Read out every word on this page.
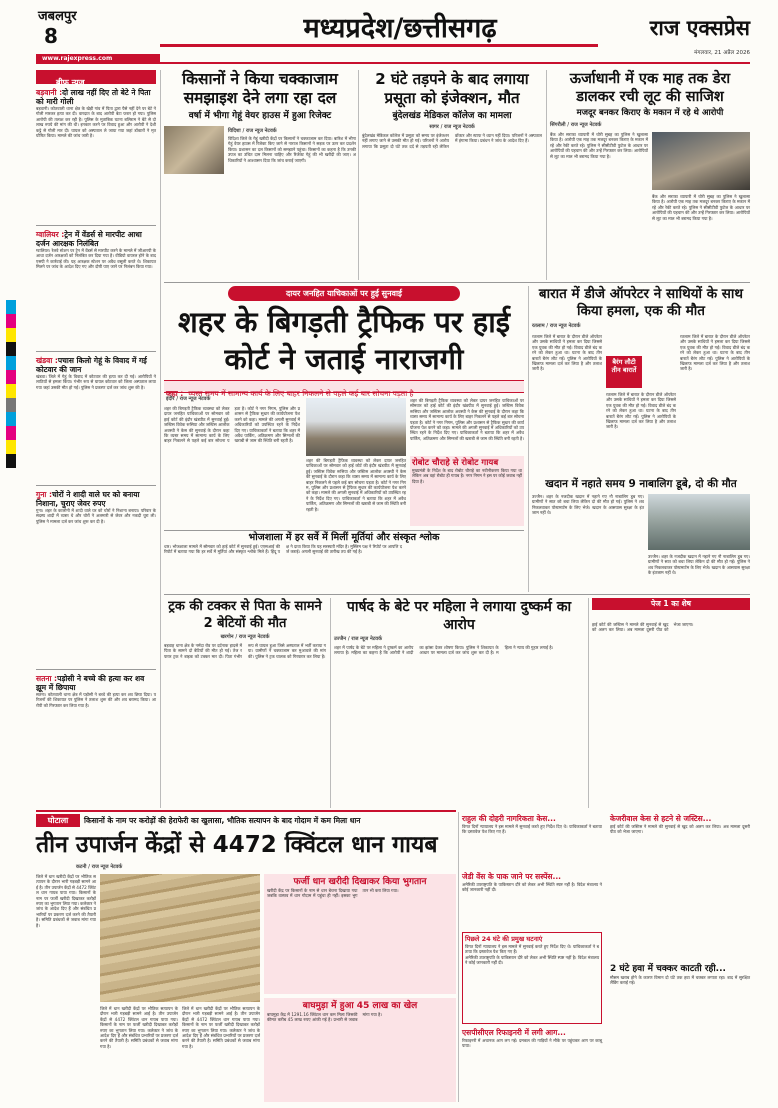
जबलपुर
8	मध्यप्रदेश/छत्तीसगढ़	राज एक्सप्रेस
मंगलवार, 21 अप्रैल 2026
www.rajexpress.com
ब्रीफ न्यूज
बड़वानी :दो लाख नहीं दिए तो बेटे ने पिता को मारी गोली
बड़वानी। कोतवाली थाना क्षेत्र के खेड़ी गांव में पिता द्वारा पैसे नहीं देने पर बेटे ने गोली मारकर हत्या कर दी। वारदात के बाद आरोपी बेटा फरार हो गया। पुलिस आरोपी की तलाश कर रही है। पुलिस के मुताबिक घटना बलिराम ने बेटे से दो लाख रुपये की मांग की थी। इनकार करने पर विवाद हुआ और आरोपी ने देशी कट्टे से गोली मार दी। घायल को अस्पताल ले जाया गया जहां डॉक्टरों ने मृत घोषित किया। मामले की जांच जारी है।
ग्वालियर :ट्रेन में वेंडर्स से मारपीट आधा दर्जन आरक्षक निलंबित
ग्वालियर। रेलवे स्टेशन पर ट्रेन में वेंडर्स से मारपीट करने के मामले में जीआरपी के आधा दर्जन आरक्षकों को निलंबित कर दिया गया है। वीडियो वायरल होने के बाद एसपी ने कार्रवाई की। यह आरक्षक स्टेशन पर अवैध वसूली करते थे। शिकायत मिलने पर जांच के आदेश दिए गए और दोषी पाए जाने पर निलंबन किया गया।
खंडवा :पचास किलो गेहूं के विवाद में गई कोटवार की जान
खंडवा। जिले में गेहूं के विवाद में कोटवार की हत्या कर दी गई। आरोपियों ने लाठियों से हमला किया। गंभीर रूप से घायल कोटवार को जिला अस्पताल लाया गया जहां उसकी मौत हो गई। पुलिस ने प्रकरण दर्ज कर जांच शुरू की है।
गुना :चोरों ने शादी वाले घर को बनाया निशाना, चुराए जेवर रुपए
गुना। शहर के कालोनी में शादी वाले घर को चोरों ने निशाना बनाया। परिवार के सदस्य शादी में व्यस्त थे और चोरों ने अलमारी से जेवर और नकदी चुरा ली। पुलिस ने मामला दर्ज कर जांच शुरू कर दी है।
सतना :पड़ोसी ने बच्चे की हत्या कर शव झूम में छिपाया
सतना। कोतवाली थाना क्षेत्र में पड़ोसी ने बच्चे की हत्या कर शव छिपा दिया। परिजनों की शिकायत पर पुलिस ने तलाश शुरू की और शव बरामद किया। आरोपी को गिरफ्तार कर लिया गया है।
किसानों ने किया चक्काजाम समझाइश देने लगा रहा दल
वर्षा में भीगा गेहूं वेयर हाउस में हुआ रिजेक्ट
विदिशा / राज न्यूज नेटवर्क
विदिशा जिले के गेहूं खरीदी केंद्रों पर किसानों ने चक्काजाम कर दिया। बारिश में भीगा गेहूं वेयर हाउस में रिजेक्ट किए जाने से नाराज किसानों ने सड़क पर उतर कर प्रदर्शन किया। प्रशासन का दल किसानों को समझाने पहुंचा। किसानों का कहना है कि उनकी उपज का उचित दाम मिलना चाहिए और रिजेक्ट गेहूं की भी खरीदी की जाए। अधिकारियों ने आश्वासन दिया कि जांच कराई जाएगी।
2 घंटे तड़पने के बाद लगाया प्रसूता को इंजेक्शन, मौत
बुंदेलखंड मेडिकल कॉलेज का मामला
सागर / राज न्यूज नेटवर्क
बुंदेलखंड मेडिकल कॉलेज में प्रसूता को समय पर इंजेक्शन नहीं लगाए जाने से उसकी मौत हो गई। परिजनों ने आरोप लगाया कि प्रसूता दो घंटे तक दर्द से तड़पती रही लेकिन डॉक्टर और स्टाफ ने ध्यान नहीं दिया। परिजनों ने अस्पताल में हंगामा किया। प्रबंधन ने जांच के आदेश दिए हैं।
ऊर्जाधानी में एक माह तक डेरा डालकर रची लूट की साजिश
मजदूर बनकर किराए के मकान में रहे थे आरोपी
सिंगरौली / राज न्यूज नेटवर्क
बैंक और सराफा व्यापारी में चोरी सुबह का पुलिस ने खुलासा किया है। आरोपी एक माह तक मजदूर बनकर किराए के मकान में रहे और रेकी करते रहे। पुलिस ने सीसीटीवी फुटेज के आधार पर आरोपियों की पहचान की और उन्हें गिरफ्तार कर लिया। आरोपियों से लूट का माल भी बरामद किया गया है।
बैंक और सराफा व्यापारी में चोरी सुबह का पुलिस ने खुलासा किया है। आरोपी एक माह तक मजदूर बनकर किराए के मकान में रहे और रेकी करते रहे। पुलिस ने सीसीटीवी फुटेज के आधार पर आरोपियों की पहचान की और उन्हें गिरफ्तार कर लिया। आरोपियों से लूट का माल भी बरामद किया गया है।
दायर जनहित याचिकाओं पर हुई सुनवाई
शहर के बिगड़ती ट्रैफिक पर हाई कोर्ट ने जताई नाराजगी
कहा : व्यस्त समय में सामान्य कार्य के लिए बाहर निकलने से पहले कई बार सोचना पड़ता है
इंदौर / राज न्यूज नेटवर्क
शहर की बिगड़ती ट्रैफिक व्यवस्था को लेकर दायर जनहित याचिकाओं पर सोमवार को हाई कोर्ट की इंदौर खंडपीठ में सुनवाई हुई। जस्टिस विवेक रूसिया और जस्टिस आलोक अवस्थी ने केस की सुनवाई के दौरान कहा कि व्यस्त समय में सामान्य कार्य के लिए बाहर निकलने से पहले कई बार सोचना पड़ता है। कोर्ट ने नगर निगम, पुलिस और प्रशासन से ट्रैफिक सुधार की कार्ययोजना पेश करने को कहा। मामले की अगली सुनवाई में अधिकारियों को उपस्थित रहने के निर्देश दिए गए। याचिकाकर्ता ने बताया कि शहर में अवैध पार्किंग, अतिक्रमण और सिग्नलों की खराबी से जाम की स्थिति बनी रहती है।
शहर की बिगड़ती ट्रैफिक व्यवस्था को लेकर दायर जनहित याचिकाओं पर सोमवार को हाई कोर्ट की इंदौर खंडपीठ में सुनवाई हुई। जस्टिस विवेक रूसिया और जस्टिस आलोक अवस्थी ने केस की सुनवाई के दौरान कहा कि व्यस्त समय में सामान्य कार्य के लिए बाहर निकलने से पहले कई बार सोचना पड़ता है। कोर्ट ने नगर निगम, पुलिस और प्रशासन से ट्रैफिक सुधार की कार्ययोजना पेश करने को कहा। मामले की अगली सुनवाई में अधिकारियों को उपस्थित रहने के निर्देश दिए गए। याचिकाकर्ता ने बताया कि शहर में अवैध पार्किंग, अतिक्रमण और सिग्नलों की खराबी से जाम की स्थिति बनी रहती है।
शहर की बिगड़ती ट्रैफिक व्यवस्था को लेकर दायर जनहित याचिकाओं पर सोमवार को हाई कोर्ट की इंदौर खंडपीठ में सुनवाई हुई। जस्टिस विवेक रूसिया और जस्टिस आलोक अवस्थी ने केस की सुनवाई के दौरान कहा कि व्यस्त समय में सामान्य कार्य के लिए बाहर निकलने से पहले कई बार सोचना पड़ता है। कोर्ट ने नगर निगम, पुलिस और प्रशासन से ट्रैफिक सुधार की कार्ययोजना पेश करने को कहा। मामले की अगली सुनवाई में अधिकारियों को उपस्थित रहने के निर्देश दिए गए। याचिकाकर्ता ने बताया कि शहर में अवैध पार्किंग, अतिक्रमण और सिग्नलों की खराबी से जाम की स्थिति बनी रहती है।
रोबोट चौराहे से रोबोट गायब
मुख्यमंत्री के निर्देश के बाद रोबोट चौराहे का नवीनीकरण किया गया था लेकिन अब वहां रोबोट ही गायब है। नगर निगम ने इस पर कोई जवाब नहीं दिया है।
भोजशाला में हर सर्वे में मिलीं मूर्तियां और संस्कृत श्लोक
धार। भोजशाला मामले में सोमवार को हाई कोर्ट में सुनवाई हुई। एएसआई की रिपोर्ट में बताया गया कि हर सर्वे में मूर्तियां और संस्कृत श्लोक मिले हैं। हिंदू पक्ष ने दावा किया कि यह सरस्वती मंदिर है। मुस्लिम पक्ष ने रिपोर्ट पर आपत्ति दर्ज कराई। अगली सुनवाई की तारीख तय की गई है।
बारात में डीजे ऑपरेटर ने साथियों के साथ किया हमला, एक की मौत
रतलाम / राज न्यूज नेटवर्क
रतलाम जिले में बारात के दौरान डीजे ऑपरेटर और उसके साथियों ने हमला कर दिया जिससे एक युवक की मौत हो गई। विवाद डीजे बंद करने को लेकर हुआ था। घटना के बाद तीन बारातें बैरंग लौट गईं। पुलिस ने आरोपियों के खिलाफ मामला दर्ज कर लिया है और तलाश जारी है।
बैरंग लौटी तीन बारातें
रतलाम जिले में बारात के दौरान डीजे ऑपरेटर और उसके साथियों ने हमला कर दिया जिससे एक युवक की मौत हो गई। विवाद डीजे बंद करने को लेकर हुआ था। घटना के बाद तीन बारातें बैरंग लौट गईं। पुलिस ने आरोपियों के खिलाफ मामला दर्ज कर लिया है और तलाश जारी है।
रतलाम जिले में बारात के दौरान डीजे ऑपरेटर और उसके साथियों ने हमला कर दिया जिससे एक युवक की मौत हो गई। विवाद डीजे बंद करने को लेकर हुआ था। घटना के बाद तीन बारातें बैरंग लौट गईं। पुलिस ने आरोपियों के खिलाफ मामला दर्ज कर लिया है और तलाश जारी है।
खदान में नहाते समय 9 नाबालिग डूबे, दो की मौत
उज्जैन। शहर के नजदीक खदान में नहाने गए नौ नाबालिग डूब गए। ग्रामीणों ने सात को बचा लिया लेकिन दो की मौत हो गई। पुलिस ने शव निकलवाकर पोस्टमार्टम के लिए भेजे। खदान के आसपास सुरक्षा के इंतजाम नहीं थे।
उज्जैन। शहर के नजदीक खदान में नहाने गए नौ नाबालिग डूब गए। ग्रामीणों ने सात को बचा लिया लेकिन दो की मौत हो गई। पुलिस ने शव निकलवाकर पोस्टमार्टम के लिए भेजे। खदान के आसपास सुरक्षा के इंतजाम नहीं थे।
ट्रक की टक्कर से पिता के सामने 2 बेटियों की मौत
खरगोन / राज न्यूज नेटवर्क
बड़वाह थाना क्षेत्र के नर्मदा रोड पर दर्दनाक हादसे में पिता के सामने दो बेटियों की मौत हो गई। तेज रफ्तार ट्रक ने बाइक को टक्कर मार दी। पिता गंभीर रूप से घायल हुआ जिसे अस्पताल में भर्ती कराया गया। ग्रामीणों ने चक्काजाम कर मुआवजे की मांग की। पुलिस ने ट्रक चालक को गिरफ्तार कर लिया है।
पार्षद के बेटे पर महिला ने लगाया दुष्कर्म का आरोप
उज्जैन / राज न्यूज नेटवर्क
शहर में पार्षद के बेटे पर महिला ने दुष्कर्म का आरोप लगाया है। महिला का कहना है कि आरोपी ने शादी का झांसा देकर शोषण किया। पुलिस ने शिकायत के आधार पर मामला दर्ज कर जांच शुरू कर दी है। महिला ने न्याय की गुहार लगाई है।
पेज 1 का शेष
राहुल की दोहरी नागरिकता केस...
विगत दिनों न्यायालय ने इस मामले में सुनवाई करते हुए निर्देश दिए थे। याचिकाकर्ता ने बताया कि दस्तावेज पेश किए गए हैं।
जेडी वेंस के पाक जाने पर सस्पेंस...
अमेरिकी उपराष्ट्रपति के पाकिस्तान दौरे को लेकर अभी स्थिति स्पष्ट नहीं है। विदेश मंत्रालय ने कोई जानकारी नहीं दी।
पिछले 24 घंटे की प्रमुख घटनाएं
विगत दिनों न्यायालय ने इस मामले में सुनवाई करते हुए निर्देश दिए थे। याचिकाकर्ता ने बताया कि दस्तावेज पेश किए गए हैं।
अमेरिकी उपराष्ट्रपति के पाकिस्तान दौरे को लेकर अभी स्थिति स्पष्ट नहीं है। विदेश मंत्रालय ने कोई जानकारी नहीं दी।
एसपीसीएल रिफाइनरी में लगी आग...
रिफाइनरी में अचानक आग लग गई। दमकल की गाड़ियों ने मौके पर पहुंचकर आग पर काबू पाया।
केजरीवाल केस से हटने से जस्टिस...
हाई कोर्ट की जस्टिस ने मामले की सुनवाई से खुद को अलग कर लिया। अब मामला दूसरी पीठ को भेजा जाएगा।
2 घंटे हवा में चक्कर काटती रही...
मौसम खराब होने के कारण विमान दो घंटे तक हवा में चक्कर लगाता रहा। बाद में सुरक्षित लैंडिंग कराई गई।
हाई कोर्ट की जस्टिस ने मामले की सुनवाई से खुद को अलग कर लिया। अब मामला दूसरी पीठ को भेजा जाएगा।
घोटाला	किसानों के नाम पर करोड़ों की हेराफेरी का खुलासा, भौतिक सत्यापन के बाद गोदाम में कम मिला धान
तीन उपार्जन केंद्रों से 4472 क्विंटल धान गायब
कटनी / राज न्यूज नेटवर्क
जिले में धान खरीदी केंद्रों पर भौतिक सत्यापन के दौरान भारी गड़बड़ी सामने आई है। तीन उपार्जन केंद्रों से 4472 क्विंटल धान गायब पाया गया। किसानों के नाम पर फर्जी खरीदी दिखाकर करोड़ों रुपए का भुगतान लिया गया। कलेक्टर ने जांच के आदेश दिए हैं और संबंधित प्रभारियों पर प्रकरण दर्ज करने की तैयारी है। समिति प्रबंधकों से जवाब मांगा गया है।
जिले में धान खरीदी केंद्रों पर भौतिक सत्यापन के दौरान भारी गड़बड़ी सामने आई है। तीन उपार्जन केंद्रों से 4472 क्विंटल धान गायब पाया गया। किसानों के नाम पर फर्जी खरीदी दिखाकर करोड़ों रुपए का भुगतान लिया गया। कलेक्टर ने जांच के आदेश दिए हैं और संबंधित प्रभारियों पर प्रकरण दर्ज करने की तैयारी है। समिति प्रबंधकों से जवाब मांगा गया है।
जिले में धान खरीदी केंद्रों पर भौतिक सत्यापन के दौरान भारी गड़बड़ी सामने आई है। तीन उपार्जन केंद्रों से 4472 क्विंटल धान गायब पाया गया। किसानों के नाम पर फर्जी खरीदी दिखाकर करोड़ों रुपए का भुगतान लिया गया। कलेक्टर ने जांच के आदेश दिए हैं और संबंधित प्रभारियों पर प्रकरण दर्ज करने की तैयारी है। समिति प्रबंधकों से जवाब मांगा गया है।
फर्जी धान खरीदी दिखाकर किया भुगतान
खरीदी केंद्र पर किसानों के नाम से धान बेचना दिखाया गया जबकि वास्तव में धान गोदाम में पहुंचा ही नहीं। इसका भुगतान भी करा लिया गया।
बाघमुड़ा में हुआ 45 लाख का खेल
बाघमुड़ा केंद्र में 1291.16 क्विंटल धान कम मिला जिसकी कीमत करीब 45 लाख रुपए आंकी गई है। प्रभारी से जवाब मांगा गया है।
